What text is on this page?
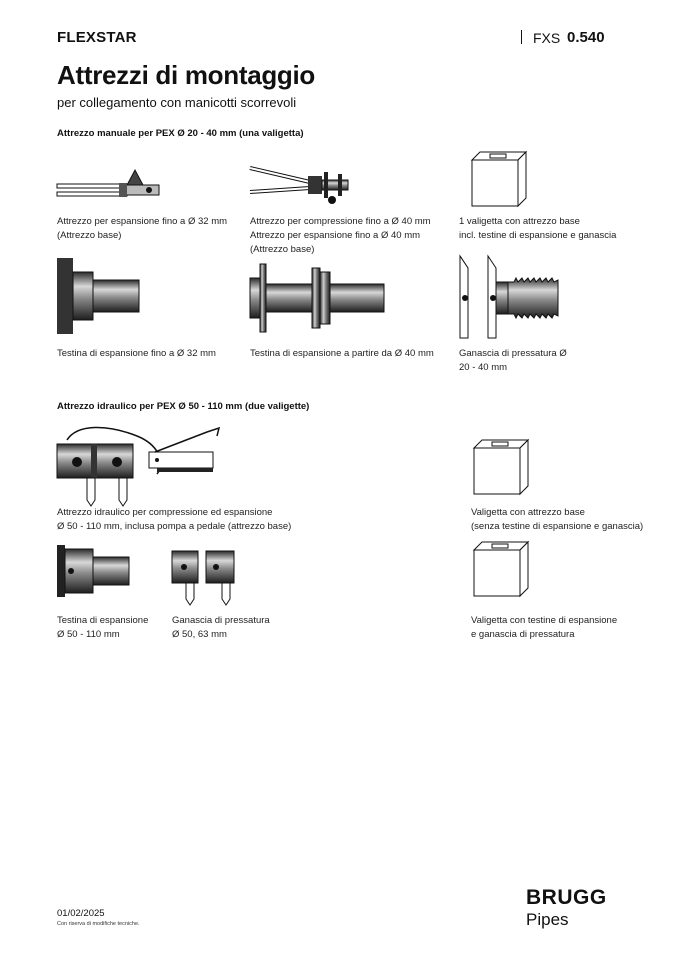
FLEXSTAR	FXS 0.540
Attrezzi di montaggio
per collegamento con manicotti scorrevoli
Attrezzo manuale per PEX Ø 20 - 40 mm (una valigetta)
Attrezzo per espansione fino a Ø 32 mm
(Attrezzo base)
Attrezzo per compressione fino a Ø 40 mm
Attrezzo per espansione fino a Ø 40 mm
(Attrezzo base)
1 valigetta con attrezzo base
incl. testine di espansione e ganascia
Testina di espansione fino a Ø 32 mm	Testina di espansione a partire da Ø 40 mm	Ganascia di pressatura Ø
20 - 40 mm
Attrezzo idraulico per PEX Ø 50 - 110 mm (due valigette)
Attrezzo idraulico per compressione ed espansione
Ø 50 - 110 mm, inclusa pompa a pedale (attrezzo base)
Valigetta con attrezzo base
(senza testine di espansione e ganascia)
Testina di espansione
Ø 50 - 110 mm
Ganascia di pressatura
Ø 50, 63 mm
Valigetta con testine di espansione
e ganascia di pressatura
01/02/2025
Con riserva di modifiche tecniche.
BRUGG
Pipes
